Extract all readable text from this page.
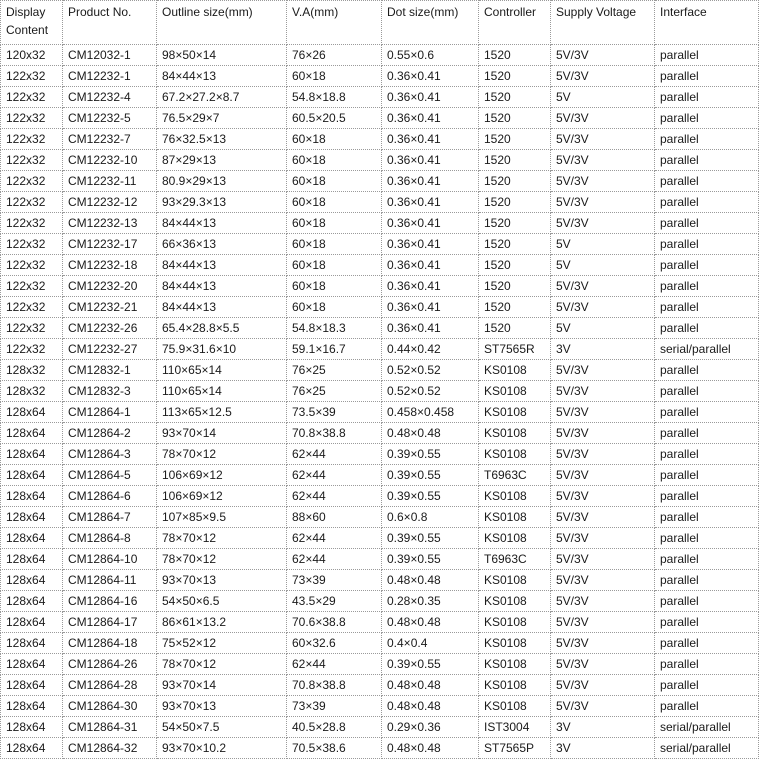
Display Content	Product No.	Outline size(mm)	V.A(mm)	Dot size(mm)	Controller	Supply Voltage	Interface
120x32	CM12032-1	98×50×14	76×26	0.55×0.6	1520	5V/3V	parallel
122x32	CM12232-1	84×44×13	60×18	0.36×0.41	1520	5V/3V	parallel
122x32	CM12232-4	67.2×27.2×8.7	54.8×18.8	0.36×0.41	1520	5V	parallel
122x32	CM12232-5	76.5×29×7	60.5×20.5	0.36×0.41	1520	5V/3V	parallel
122x32	CM12232-7	76×32.5×13	60×18	0.36×0.41	1520	5V/3V	parallel
122x32	CM12232-10	87×29×13	60×18	0.36×0.41	1520	5V/3V	parallel
122x32	CM12232-11	80.9×29×13	60×18	0.36×0.41	1520	5V/3V	parallel
122x32	CM12232-12	93×29.3×13	60×18	0.36×0.41	1520	5V/3V	parallel
122x32	CM12232-13	84×44×13	60×18	0.36×0.41	1520	5V/3V	parallel
122x32	CM12232-17	66×36×13	60×18	0.36×0.41	1520	5V	parallel
122x32	CM12232-18	84×44×13	60×18	0.36×0.41	1520	5V	parallel
122x32	CM12232-20	84×44×13	60×18	0.36×0.41	1520	5V/3V	parallel
122x32	CM12232-21	84×44×13	60×18	0.36×0.41	1520	5V/3V	parallel
122x32	CM12232-26	65.4×28.8×5.5	54.8×18.3	0.36×0.41	1520	5V	parallel
122x32	CM12232-27	75.9×31.6×10	59.1×16.7	0.44×0.42	ST7565R	3V	serial/parallel
128x32	CM12832-1	110×65×14	76×25	0.52×0.52	KS0108	5V/3V	parallel
128x32	CM12832-3	110×65×14	76×25	0.52×0.52	KS0108	5V/3V	parallel
128x64	CM12864-1	113×65×12.5	73.5×39	0.458×0.458	KS0108	5V/3V	parallel
128x64	CM12864-2	93×70×14	70.8×38.8	0.48×0.48	KS0108	5V/3V	parallel
128x64	CM12864-3	78×70×12	62×44	0.39×0.55	KS0108	5V/3V	parallel
128x64	CM12864-5	106×69×12	62×44	0.39×0.55	T6963C	5V/3V	parallel
128x64	CM12864-6	106×69×12	62×44	0.39×0.55	KS0108	5V/3V	parallel
128x64	CM12864-7	107×85×9.5	88×60	0.6×0.8	KS0108	5V/3V	parallel
128x64	CM12864-8	78×70×12	62×44	0.39×0.55	KS0108	5V/3V	parallel
128x64	CM12864-10	78×70×12	62×44	0.39×0.55	T6963C	5V/3V	parallel
128x64	CM12864-11	93×70×13	73×39	0.48×0.48	KS0108	5V/3V	parallel
128x64	CM12864-16	54×50×6.5	43.5×29	0.28×0.35	KS0108	5V/3V	parallel
128x64	CM12864-17	86×61×13.2	70.6×38.8	0.48×0.48	KS0108	5V/3V	parallel
128x64	CM12864-18	75×52×12	60×32.6	0.4×0.4	KS0108	5V/3V	parallel
128x64	CM12864-26	78×70×12	62×44	0.39×0.55	KS0108	5V/3V	parallel
128x64	CM12864-28	93×70×14	70.8×38.8	0.48×0.48	KS0108	5V/3V	parallel
128x64	CM12864-30	93×70×13	73×39	0.48×0.48	KS0108	5V/3V	parallel
128x64	CM12864-31	54×50×7.5	40.5×28.8	0.29×0.36	IST3004	3V	serial/parallel
128x64	CM12864-32	93×70×10.2	70.5×38.6	0.48×0.48	ST7565P	3V	serial/parallel
